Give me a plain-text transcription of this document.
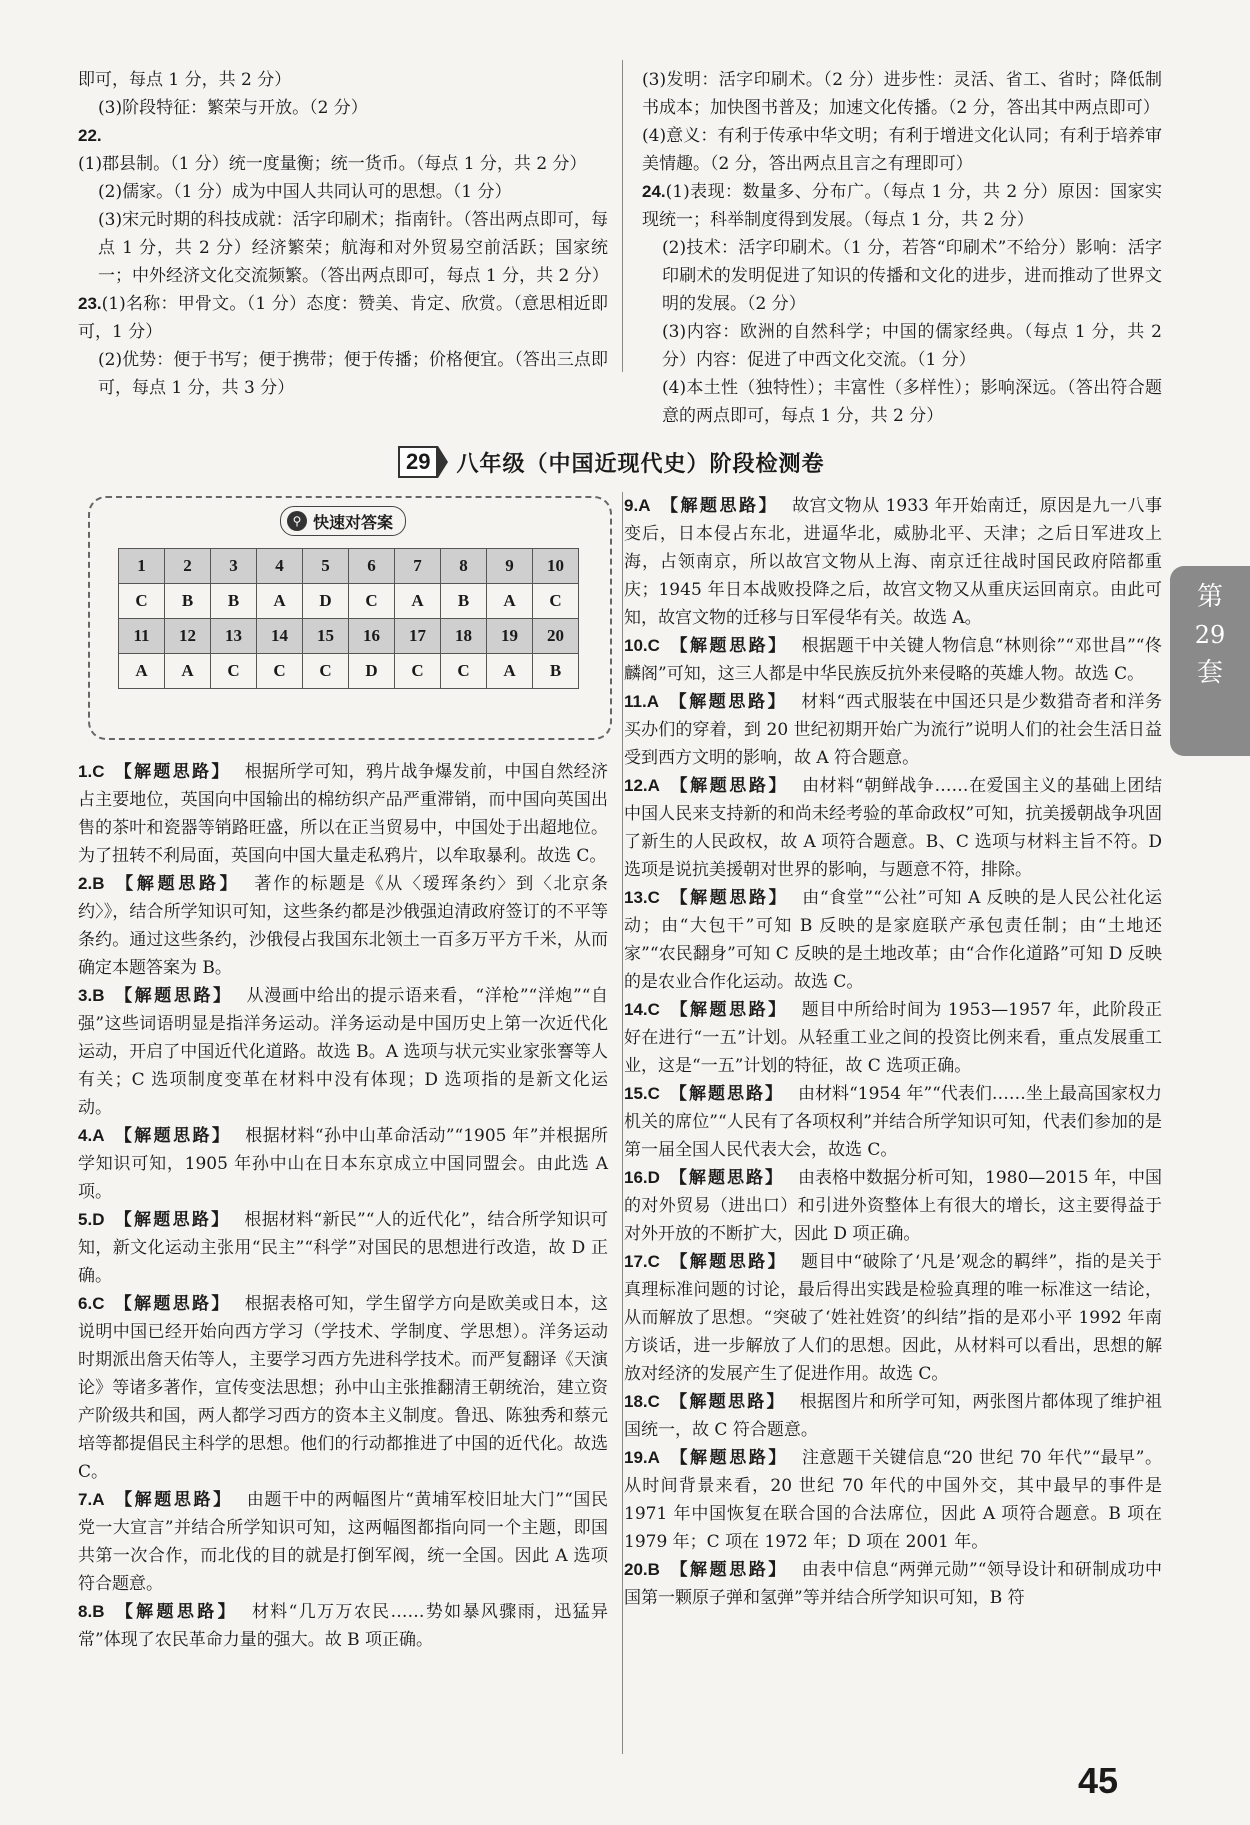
即可，每点 1 分，共 2 分）

(3)阶段特征：繁荣与开放。（2 分）

22.(1)郡县制。（1 分）统一度量衡；统一货币。（每点 1 分，共 2 分）

(2)儒家。（1 分）成为中国人共同认可的思想。（1 分）

(3)宋元时期的科技成就：活字印刷术；指南针。（答出两点即可，每点 1 分，共 2 分）经济繁荣；航海和对外贸易空前活跃；国家统一；中外经济文化交流频繁。（答出两点即可，每点 1 分，共 2 分）

23.(1)名称：甲骨文。（1 分）态度：赞美、肯定、欣赏。（意思相近即可，1 分）

(2)优势：便于书写；便于携带；便于传播；价格便宜。（答出三点即可，每点 1 分，共 3 分）

(3)发明：活字印刷术。（2 分）进步性：灵活、省工、省时；降低制书成本；加快图书普及；加速文化传播。（2 分，答出其中两点即可）

(4)意义：有利于传承中华文明；有利于增进文化认同；有利于培养审美情趣。（2 分，答出两点且言之有理即可）

24.(1)表现：数量多、分布广。（每点 1 分，共 2 分）原因：国家实现统一；科举制度得到发展。（每点 1 分，共 2 分）

(2)技术：活字印刷术。（1 分，若答“印刷术”不给分）影响：活字印刷术的发明促进了知识的传播和文化的进步，进而推动了世界文明的发展。（2 分）

(3)内容：欧洲的自然科学；中国的儒家经典。（每点 1 分，共 2 分）内容：促进了中西文化交流。（1 分）

(4)本土性（独特性）；丰富性（多样性）；影响深远。（答出符合题意的两点即可，每点 1 分，共 2 分）

29	八年级（中国近现代史）阶段检测卷
⚲ 快速对答案
1	2	3	4	5	6	7	8	9	10
C	B	B	A	D	C	A	B	A	C
11	12	13	14	15	16	17	18	19	20
A	A	C	C	C	D	C	C	A	B

1.C 【解题思路】 根据所学可知，鸦片战争爆发前，中国自然经济占主要地位，英国向中国输出的棉纺织产品严重滞销，而中国向英国出售的茶叶和瓷器等销路旺盛，所以在正当贸易中，中国处于出超地位。为了扭转不利局面，英国向中国大量走私鸦片，以牟取暴利。故选 C。

2.B 【解题思路】 著作的标题是《从〈瑷珲条约〉到〈北京条约〉》，结合所学知识可知，这些条约都是沙俄强迫清政府签订的不平等条约。通过这些条约，沙俄侵占我国东北领土一百多万平方千米，从而确定本题答案为 B。

3.B 【解题思路】 从漫画中给出的提示语来看，“洋枪”“洋炮”“自强”这些词语明显是指洋务运动。洋务运动是中国历史上第一次近代化运动，开启了中国近代化道路。故选 B。A 选项与状元实业家张謇等人有关；C 选项制度变革在材料中没有体现；D 选项指的是新文化运动。

4.A 【解题思路】 根据材料“孙中山革命活动”“1905 年”并根据所学知识可知，1905 年孙中山在日本东京成立中国同盟会。由此选 A 项。

5.D 【解题思路】 根据材料“新民”“人的近代化”，结合所学知识可知，新文化运动主张用“民主”“科学”对国民的思想进行改造，故 D 正确。

6.C 【解题思路】 根据表格可知，学生留学方向是欧美或日本，这说明中国已经开始向西方学习（学技术、学制度、学思想）。洋务运动时期派出詹天佑等人，主要学习西方先进科学技术。而严复翻译《天演论》等诸多著作，宣传变法思想；孙中山主张推翻清王朝统治，建立资产阶级共和国，两人都学习西方的资本主义制度。鲁迅、陈独秀和蔡元培等都提倡民主科学的思想。他们的行动都推进了中国的近代化。故选 C。

7.A 【解题思路】 由题干中的两幅图片“黄埔军校旧址大门”“国民党一大宣言”并结合所学知识可知，这两幅图都指向同一个主题，即国共第一次合作，而北伐的目的就是打倒军阀，统一全国。因此 A 选项符合题意。

8.B 【解题思路】 材料“几万万农民……势如暴风骤雨，迅猛异常”体现了农民革命力量的强大。故 B 项正确。

9.A 【解题思路】 故宫文物从 1933 年开始南迁，原因是九一八事变后，日本侵占东北，进逼华北，威胁北平、天津；之后日军进攻上海，占领南京，所以故宫文物从上海、南京迁往战时国民政府陪都重庆；1945 年日本战败投降之后，故宫文物又从重庆运回南京。由此可知，故宫文物的迁移与日军侵华有关。故选 A。

10.C 【解题思路】 根据题干中关键人物信息“林则徐”“邓世昌”“佟麟阁”可知，这三人都是中华民族反抗外来侵略的英雄人物。故选 C。

11.A 【解题思路】 材料“西式服装在中国还只是少数猎奇者和洋务买办们的穿着，到 20 世纪初期开始广为流行”说明人们的社会生活日益受到西方文明的影响，故 A 符合题意。

12.A 【解题思路】 由材料“朝鲜战争……在爱国主义的基础上团结中国人民来支持新的和尚未经考验的革命政权”可知，抗美援朝战争巩固了新生的人民政权，故 A 项符合题意。B、C 选项与材料主旨不符。D 选项是说抗美援朝对世界的影响，与题意不符，排除。

13.C 【解题思路】 由“食堂”“公社”可知 A 反映的是人民公社化运动；由“大包干”可知 B 反映的是家庭联产承包责任制；由“土地还家”“农民翻身”可知 C 反映的是土地改革；由“合作化道路”可知 D 反映的是农业合作化运动。故选 C。

14.C 【解题思路】 题目中所给时间为 1953—1957 年，此阶段正好在进行“一五”计划。从轻重工业之间的投资比例来看，重点发展重工业，这是“一五”计划的特征，故 C 选项正确。

15.C 【解题思路】 由材料“1954 年”“代表们……坐上最高国家权力机关的席位”“人民有了各项权利”并结合所学知识可知，代表们参加的是第一届全国人民代表大会，故选 C。

16.D 【解题思路】 由表格中数据分析可知，1980—2015 年，中国的对外贸易（进出口）和引进外资整体上有很大的增长，这主要得益于对外开放的不断扩大，因此 D 项正确。

17.C 【解题思路】 题目中“破除了‘凡是’观念的羁绊”，指的是关于真理标准问题的讨论，最后得出实践是检验真理的唯一标准这一结论，从而解放了思想。“突破了‘姓社姓资’的纠结”指的是邓小平 1992 年南方谈话，进一步解放了人们的思想。因此，从材料可以看出，思想的解放对经济的发展产生了促进作用。故选 C。

18.C 【解题思路】 根据图片和所学可知，两张图片都体现了维护祖国统一，故 C 符合题意。

19.A 【解题思路】 注意题干关键信息“20 世纪 70 年代”“最早”。从时间背景来看，20 世纪 70 年代的中国外交，其中最早的事件是 1971 年中国恢复在联合国的合法席位，因此 A 项符合题意。B 项在 1979 年；C 项在 1972 年；D 项在 2001 年。

20.B 【解题思路】 由表中信息“两弹元勋”“领导设计和研制成功中国第一颗原子弹和氢弹”等并结合所学知识可知，B 符

第
29
套
45
